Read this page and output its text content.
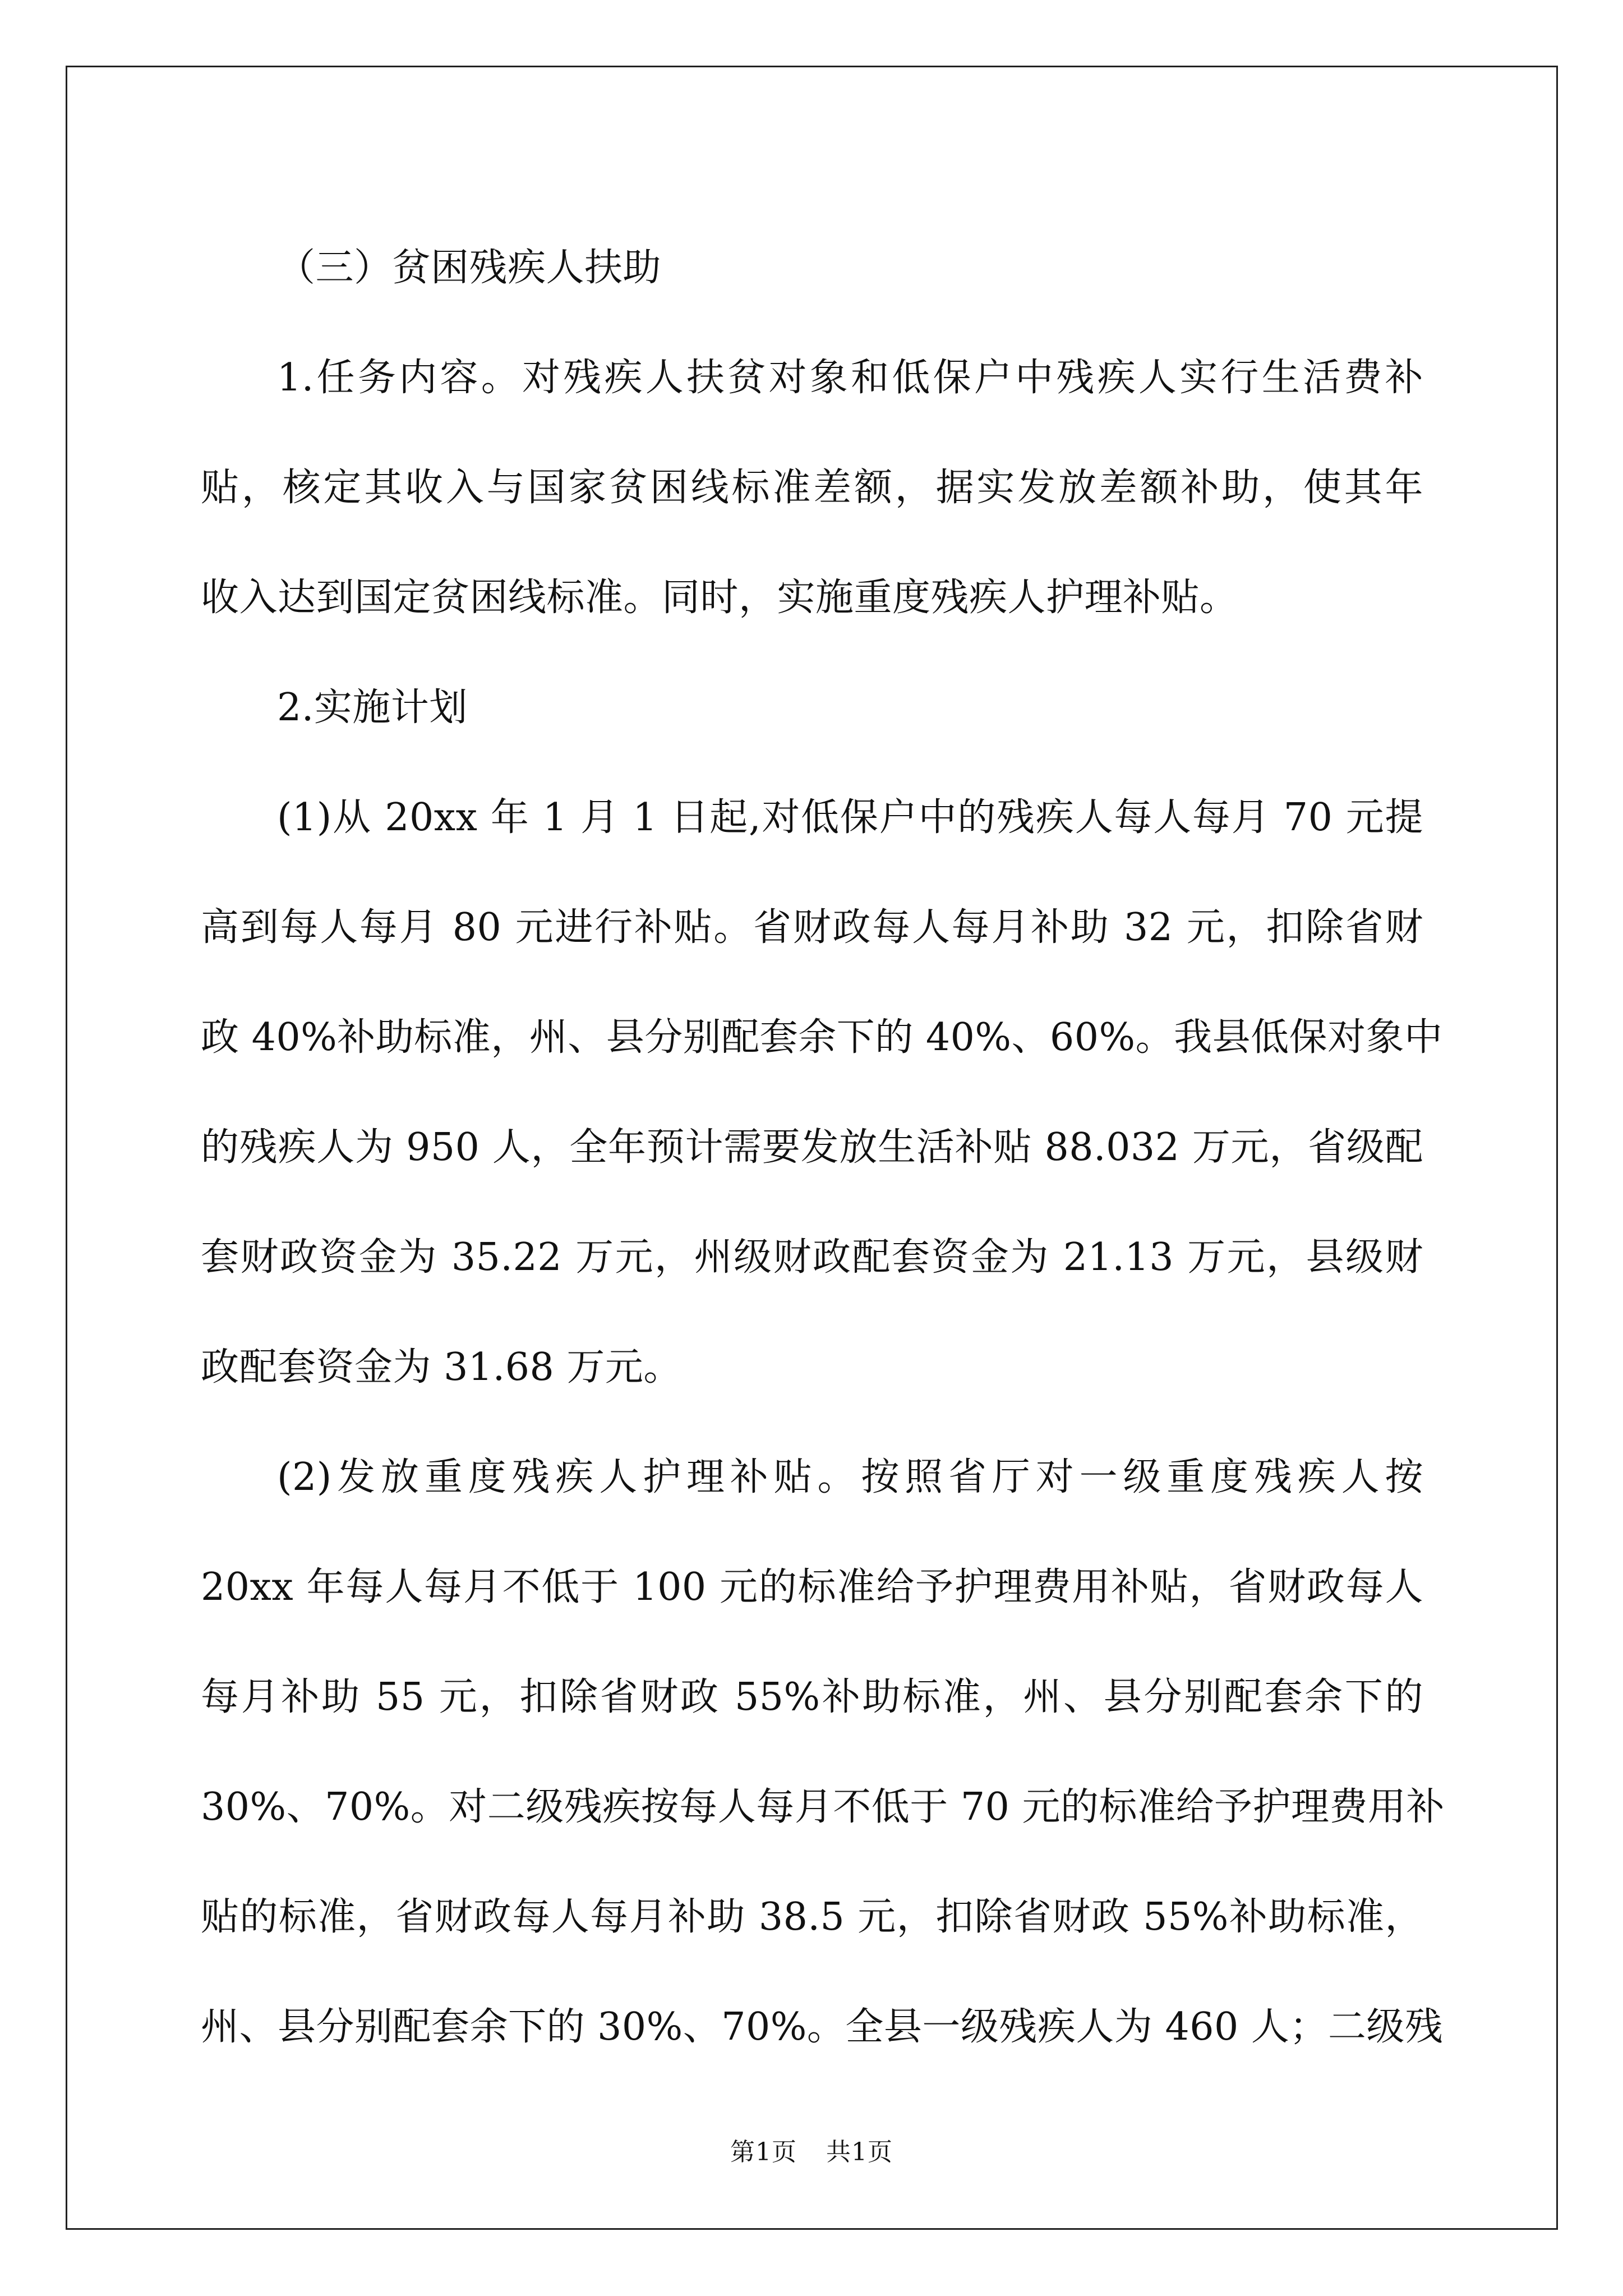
（三）贫困残疾人扶助
1.任务内容。对残疾人扶贫对象和低保户中残疾人实行生活费补
贴，核定其收入与国家贫困线标准差额，据实发放差额补助，使其年
收入达到国定贫困线标准。同时，实施重度残疾人护理补贴。
2.实施计划
(1)从 20xx 年 1 月 1 日起,对低保户中的残疾人每人每月 70 元提
高到每人每月 80 元进行补贴。省财政每人每月补助 32 元，扣除省财
政 40%补助标准，州、县分别配套余下的 40%、60%。我县低保对象中
的残疾人为 950 人，全年预计需要发放生活补贴 88.032 万元，省级配
套财政资金为 35.22 万元，州级财政配套资金为 21.13 万元，县级财
政配套资金为 31.68 万元。
(2)发放重度残疾人护理补贴。按照省厅对一级重度残疾人按
20xx 年每人每月不低于 100 元的标准给予护理费用补贴，省财政每人
每月补助 55 元，扣除省财政 55%补助标准，州、县分别配套余下的
30%、70%。对二级残疾按每人每月不低于 70 元的标准给予护理费用补
贴的标准，省财政每人每月补助 38.5 元，扣除省财政 55%补助标准，
州、县分别配套余下的 30%、70%。全县一级残疾人为 460 人；二级残
第1页 共1页
